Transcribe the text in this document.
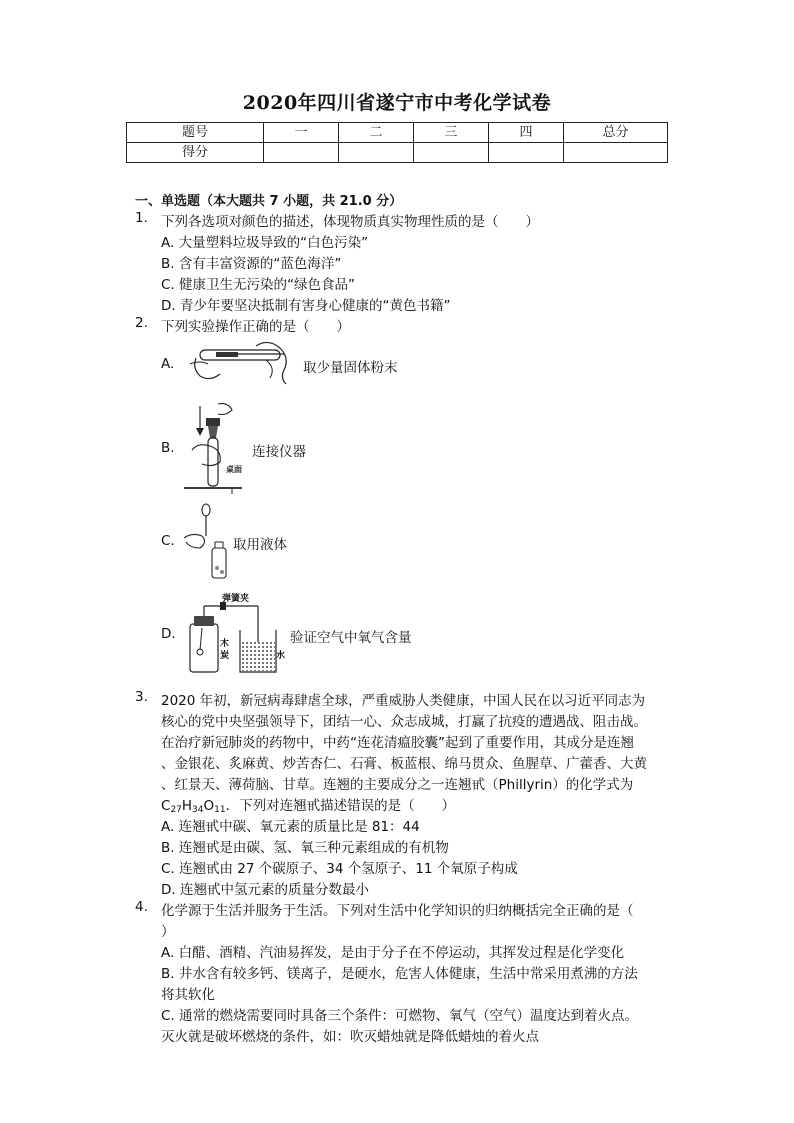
2020年四川省遂宁市中考化学试卷
题号	一	二	三	四	总分
得分					
一、单选题（本大题共 7 小题，共 21.0 分）
1. 下列各选项对颜色的描述，体现物质真实物理性质的是（　　）
A. 大量塑料垃圾导致的“白色污染”
B. 含有丰富资源的“蓝色海洋”
C. 健康卫生无污染的“绿色食品”
D. 青少年要坚决抵制有害身心健康的“黄色书籍”
2. 下列实验操作正确的是（　　）
A.	取少量固体粉末
B.
桌面
连接仪器
C.	取用液体
D.
弹簧夹
木
炭	水
验证空气中氧气含量
3. 2020 年初，新冠病毒肆虐全球，严重威胁人类健康，中国人民在以习近平同志为
核心的党中央坚强领导下，团结一心、众志成城，打赢了抗疫的遭遇战、阻击战。
在治疗新冠肺炎的药物中，中药“连花清瘟胶囊”起到了重要作用，其成分是连翘
、金银花、炙麻黄、炒苦杏仁、石膏、板蓝根、绵马贯众、鱼腥草、广藿香、大黄
、红景天、薄荷脑、甘草。连翘的主要成分之一连翘甙（Phillyrin）的化学式为
$C_{27}H_{34}O_{11}$．下列对连翘甙描述错误的是（　　）
A. 连翘甙中碳、氧元素的质量比是 81：44
B. 连翘甙是由碳、氢、氧三种元素组成的有机物
C. 连翘甙由 27 个碳原子、34 个氢原子、11 个氧原子构成
D. 连翘甙中氢元素的质量分数最小
4. 化学源于生活并服务于生活。下列对生活中化学知识的归纳概括完全正确的是（
）
A. 白醋、酒精、汽油易挥发，是由于分子在不停运动，其挥发过程是化学变化
B. 井水含有较多钙、镁离子，是硬水，危害人体健康，生活中常采用煮沸的方法
将其软化
C. 通常的燃烧需要同时具备三个条件：可燃物、氧气（空气）温度达到着火点。
灭火就是破坏燃烧的条件，如：吹灭蜡烛就是降低蜡烛的着火点
